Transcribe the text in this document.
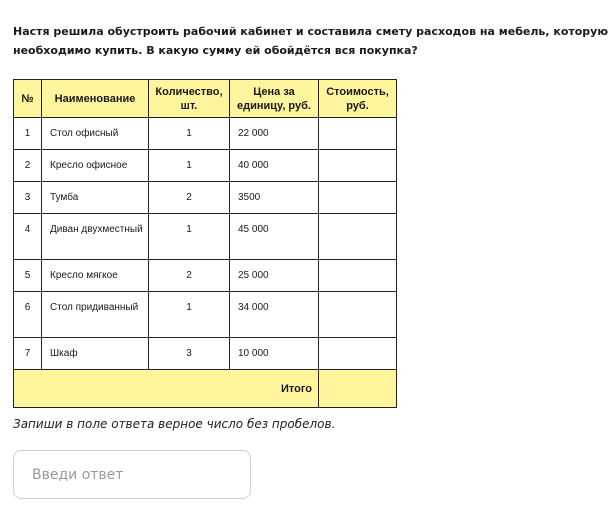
Настя решила обустроить рабочий кабинет и составила смету расходов на мебель, которую
необходимо купить. В какую сумму ей обойдётся вся покупка?
№	Наименование	Количество, шт.	Цена за единицу, руб.	Стоимость, руб.
1	Стол офисный	1	22 000	
2	Кресло офисное	1	40 000	
3	Тумба	2	3500	
4	Диван двухместный	1	45 000	
5	Кресло мягкое	2	25 000	
6	Стол придиванный	1	34 000	
7	Шкаф	3	10 000	
Итого				
Запиши в поле ответа верное число без пробелов.
Введи ответ
